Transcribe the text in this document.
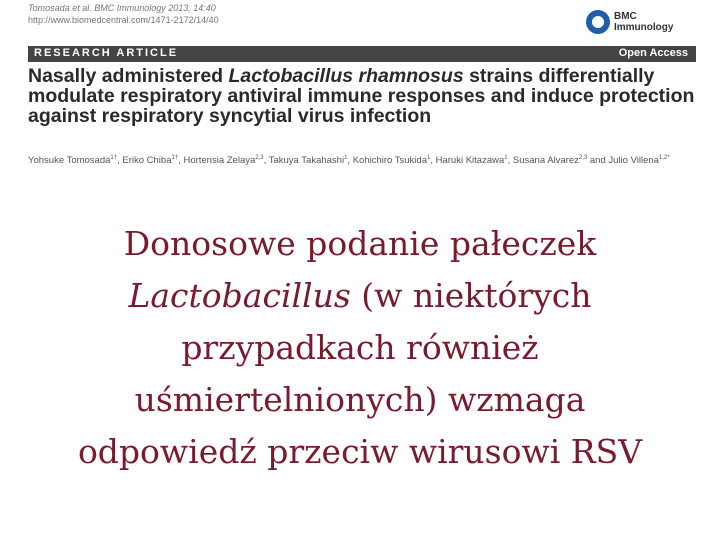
Tomosada et al. BMC Immunology 2013, 14:40
http://www.biomedcentral.com/1471-2172/14/40	BMC
Immunology
RESEARCH ARTICLE	Open Access
Nasally administered Lactobacillus rhamnosus strains differentially modulate respiratory antiviral immune responses and induce protection against respiratory syncytial virus infection
Yohsuke Tomosada$^{1\dagger}$, Eriko Chiba$^{1\dagger}$, Hortensia Zelaya$^{2,3}$, Takuya Takahashi$^1$, Kohichiro Tsukida$^1$, Haruki Kitazawa$^1$, Susana Alvarez$^{2,3}$ and Julio Villena$^{1,2*}$
Donosowe podanie pałeczek
Lactobacillus (w niektórych
przypadkach również
uśmiertelnionych) wzmaga
odpowiedź przeciw wirusowi RSV
